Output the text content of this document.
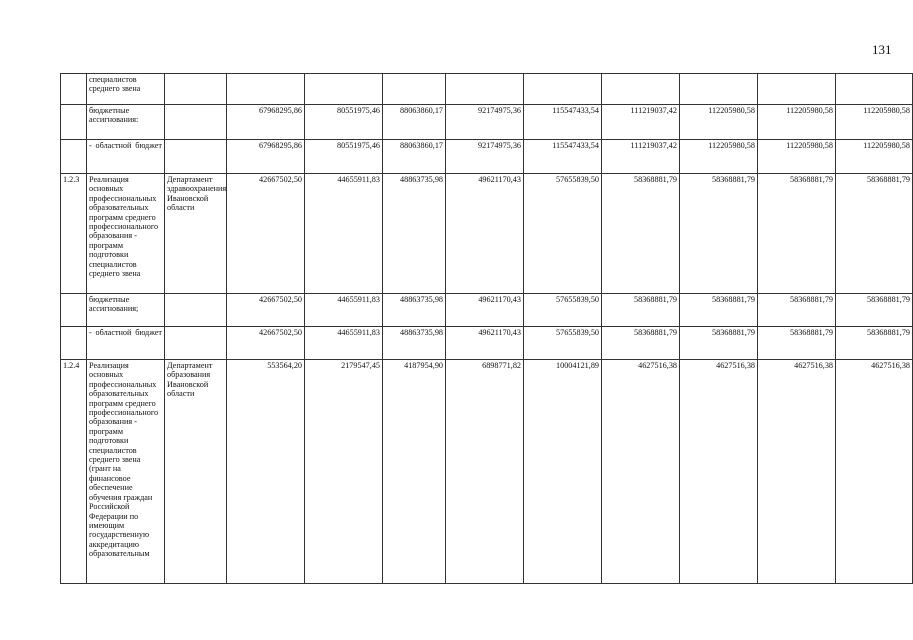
131
	специалистов среднего звена										
	бюджетные ассигнования:		67968295,86	80551975,46	88063860,17	92174975,36	115547433,54	111219037,42	112205980,58	112205980,58	112205980,58
	- областной бюджет		67968295,86	80551975,46	88063860,17	92174975,36	115547433,54	111219037,42	112205980,58	112205980,58	112205980,58
1.2.3	Реализация основных профессиональных образовательных программ среднего профессионального образования - программ подготовки специалистов среднего звена	Департамент здравоохранения Ивановской области	42667502,50	44655911,83	48863735,98	49621170,43	57655839,50	58368881,79	58368881,79	58368881,79	58368881,79
	бюджетные ассигнования;		42667502,50	44655911,83	48863735,98	49621170,43	57655839,50	58368881,79	58368881,79	58368881,79	58368881,79
	- областной бюджет		42667502,50	44655911,83	48863735,98	49621170,43	57655839,50	58368881,79	58368881,79	58368881,79	58368881,79
1.2.4	Реализация основных профессиональных образовательных программ среднего профессионального образования - программ подготовки специалистов среднего звена (грант на финансовое обеспечение обучения граждан Российской Федерации по имеющим государственную аккредитацию образовательным	Департамент образования Ивановской области	553564,20	2179547,45	4187954,90	6898771,82	10004121,89	4627516,38	4627516,38	4627516,38	4627516,38
